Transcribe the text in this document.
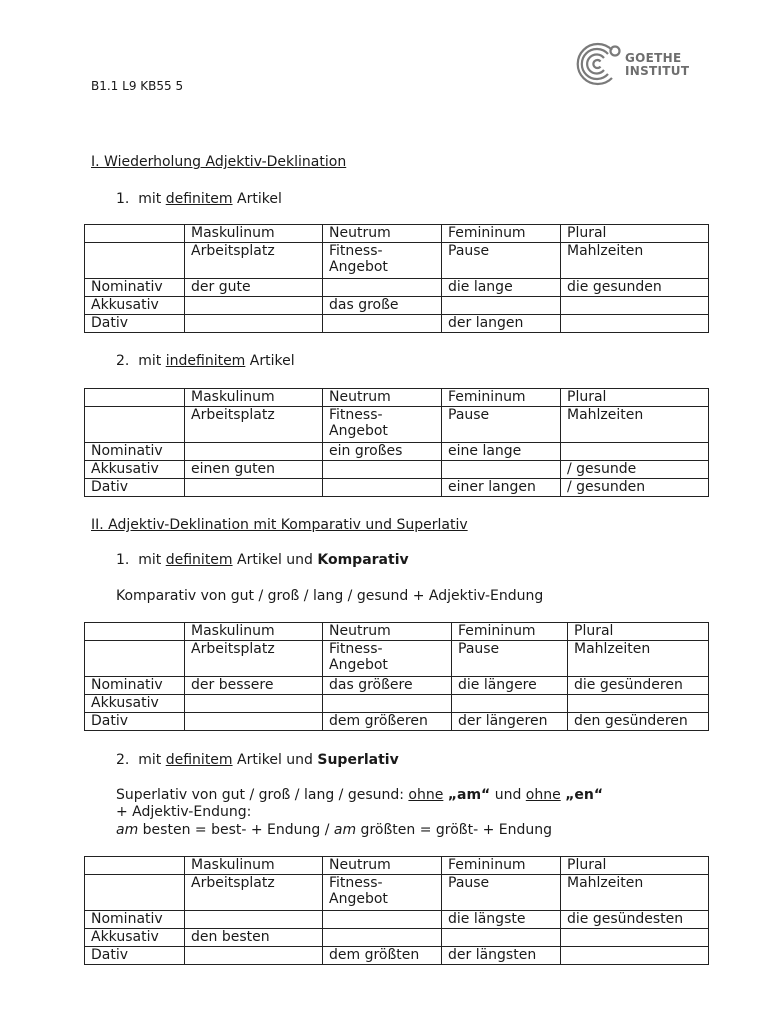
B1.1 L9 KB55 5
GOETHE
INSTITUT
I. Wiederholung Adjektiv-Deklination
1. mit definitem Artikel
	Maskulinum	Neutrum	Femininum	Plural
	Arbeitsplatz	Fitness-Angebot	Pause	Mahlzeiten
Nominativ	der gute		die lange	die gesunden
Akkusativ		das große		
Dativ			der langen	
2. mit indefinitem Artikel
	Maskulinum	Neutrum	Femininum	Plural
	Arbeitsplatz	Fitness-Angebot	Pause	Mahlzeiten
Nominativ		ein großes	eine lange	
Akkusativ	einen guten			/ gesunde
Dativ			einer langen	/ gesunden
II. Adjektiv-Deklination mit Komparativ und Superlativ
1. mit definitem Artikel und Komparativ
Komparativ von gut / groß / lang / gesund + Adjektiv-Endung
	Maskulinum	Neutrum	Femininum	Plural
	Arbeitsplatz	Fitness-Angebot	Pause	Mahlzeiten
Nominativ	der bessere	das größere	die längere	die gesünderen
Akkusativ				
Dativ		dem größeren	der längeren	den gesünderen
2. mit definitem Artikel und Superlativ
Superlativ von gut / groß / lang / gesund: ohne „am“ und ohne „en“
+ Adjektiv-Endung:
am besten = best- + Endung / am größten = größt- + Endung
	Maskulinum	Neutrum	Femininum	Plural
	Arbeitsplatz	Fitness-Angebot	Pause	Mahlzeiten
Nominativ			die längste	die gesündesten
Akkusativ	den besten			
Dativ		dem größten	der längsten	
